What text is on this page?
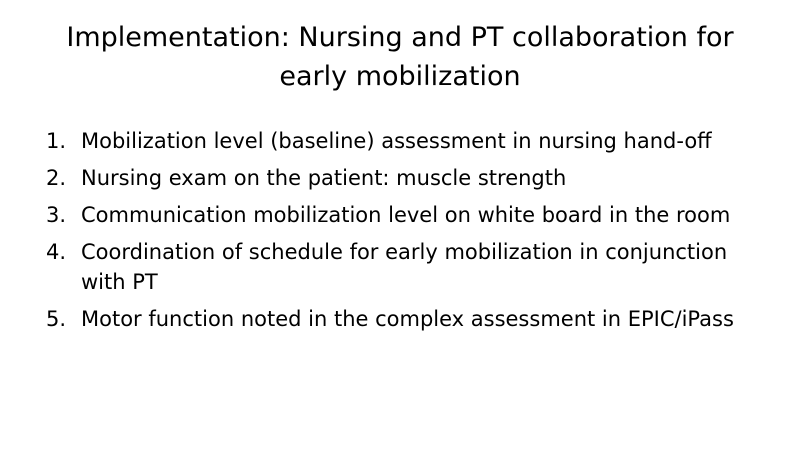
Implementation: Nursing and PT collaboration for
early mobilization
1. Mobilization level (baseline) assessment in nursing hand-off
2. Nursing exam on the patient: muscle strength
3. Communication mobilization level on white board in the room
4. Coordination of schedule for early mobilization in conjunction with PT
5. Motor function noted in the complex assessment in EPIC/iPass
